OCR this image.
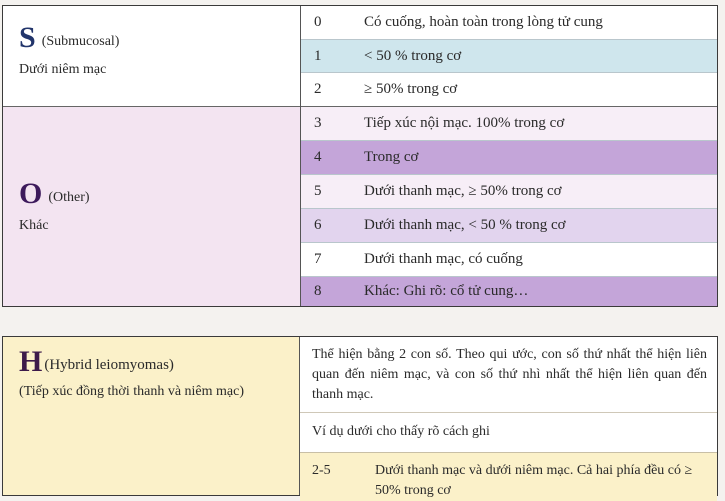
S (Submucosal)
Dưới niêm mạc
O (Other)
Khác
0	Có cuống, hoàn toàn trong lòng tử cung
1	< 50 % trong cơ
2	≥ 50% trong cơ
3	Tiếp xúc nội mạc. 100% trong cơ
4	Trong cơ
5	Dưới thanh mạc, ≥ 50% trong cơ
6	Dưới thanh mạc, < 50 % trong cơ
7	Dưới thanh mạc, có cuống
8	Khác: Ghi rõ: cổ tử cung…
H (Hybrid leiomyomas)
(Tiếp xúc đồng thời thanh và niêm mạc)
Thể hiện bằng 2 con số. Theo qui ước, con số thứ nhất thể hiện liên quan đến niêm mạc, và con số thứ nhì nhất thể hiện liên quan đến thanh mạc.
Ví dụ dưới cho thấy rõ cách ghi
2-5	Dưới thanh mạc và dưới niêm mạc. Cả hai phía đều có ≥ 50% trong cơ
